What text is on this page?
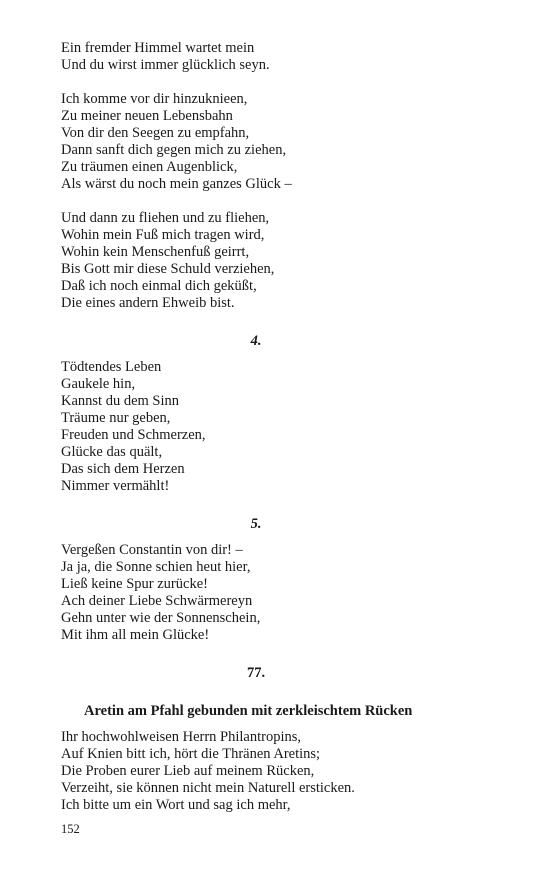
Ein fremder Himmel wartet mein
Und du wirst immer glücklich seyn.
Ich komme vor dir hinzuknieen,
Zu meiner neuen Lebensbahn
Von dir den Seegen zu empfahn,
Dann sanft dich gegen mich zu ziehen,
Zu träumen einen Augenblick,
Als wärst du noch mein ganzes Glück –
Und dann zu fliehen und zu fliehen,
Wohin mein Fuß mich tragen wird,
Wohin kein Menschenfuß geirrt,
Bis Gott mir diese Schuld verziehen,
Daß ich noch einmal dich geküßt,
Die eines andern Ehweib bist.
4.
Tödtendes Leben
Gaukele hin,
Kannst du dem Sinn
Träume nur geben,
Freuden und Schmerzen,
Glücke das quält,
Das sich dem Herzen
Nimmer vermählt!
5.
Vergeßen Constantin von dir! –
Ja ja, die Sonne schien heut hier,
Ließ keine Spur zurücke!
Ach deiner Liebe Schwärmereyn
Gehn unter wie der Sonnenschein,
Mit ihm all mein Glücke!
77.
Aretin am Pfahl gebunden mit zerkleischtem Rücken
Ihr hochwohlweisen Herrn Philantropins,
Auf Knien bitt ich, hört die Thränen Aretins;
Die Proben eurer Lieb auf meinem Rücken,
Verzeiht, sie können nicht mein Naturell ersticken.
Ich bitte um ein Wort und sag ich mehr,
152
